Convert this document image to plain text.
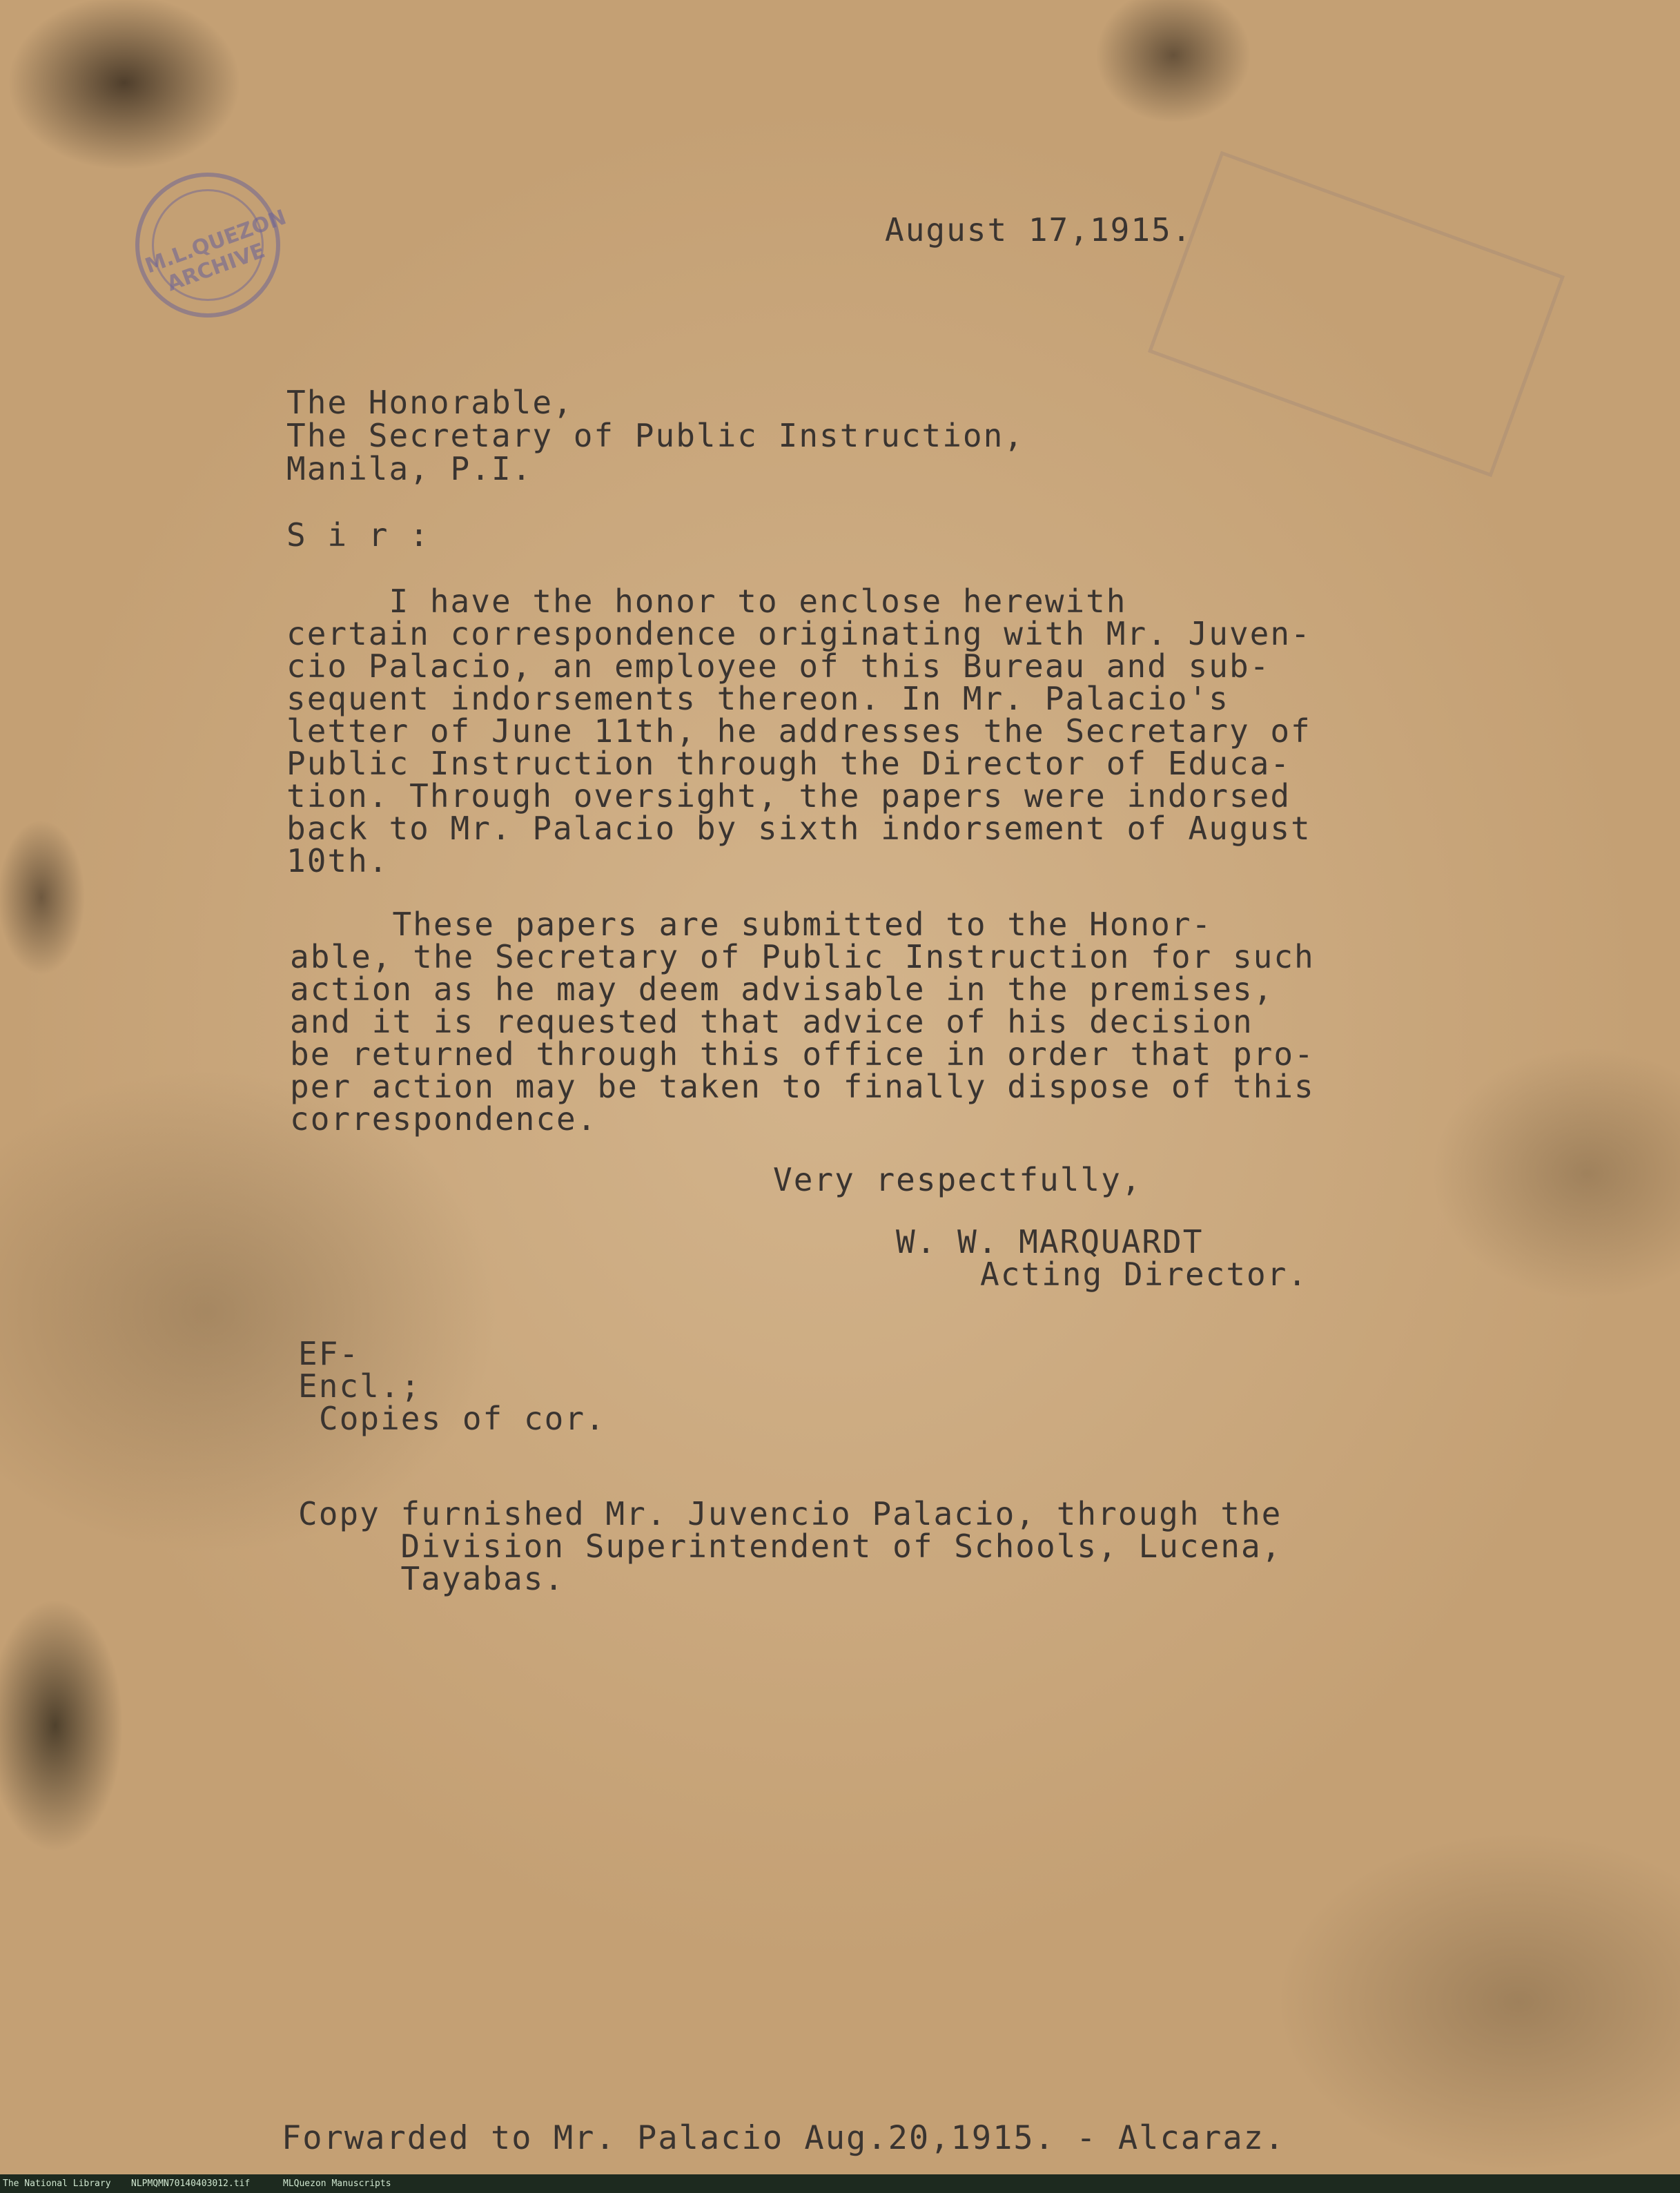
M.L.QUEZON ARCHIVE
August 17,1915.
The Honorable,
The Secretary of Public Instruction,
Manila, P.I.
S i r :
I have the honor to enclose herewith
certain correspondence originating with Mr. Juven-
cio Palacio, an employee of this Bureau and sub-
sequent indorsements thereon. In Mr. Palacio's
letter of June 11th, he addresses the Secretary of
Public Instruction through the Director of Educa-
tion. Through oversight, the papers were indorsed
back to Mr. Palacio by sixth indorsement of August
10th.
These papers are submitted to the Honor-
able, the Secretary of Public Instruction for such
action as he may deem advisable in the premises,
and it is requested that advice of his decision
be returned through this office in order that pro-
per action may be taken to finally dispose of this
correspondence.
Very respectfully,
W. W. MARQUARDT
Acting Director.
EF-
Encl.;
Copies of cor.
Copy furnished Mr. Juvencio Palacio, through the
Division Superintendent of Schools, Lucena,
Tayabas.
Forwarded to Mr. Palacio Aug.20,1915. - Alcaraz.
The National Library NLPMQMN70140403012.tif	MLQuezon Manuscripts
